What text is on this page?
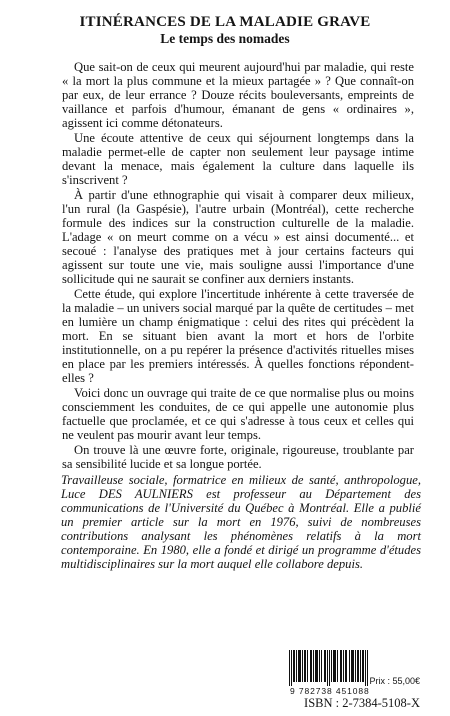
ITINÉRANCES DE LA MALADIE GRAVE
Le temps des nomades

Que sait-on de ceux qui meurent aujourd'hui par maladie, qui reste « la mort la plus commune et la mieux partagée » ? Que connaît-on par eux, de leur errance ? Douze récits bouleversants, empreints de vaillance et parfois d'humour, émanant de gens « ordinaires », agissent ici comme détonateurs.

Une écoute attentive de ceux qui séjournent longtemps dans la maladie permet-elle de capter non seulement leur paysage intime devant la menace, mais également la culture dans laquelle ils s'inscrivent ?

À partir d'une ethnographie qui visait à comparer deux milieux, l'un rural (la Gaspésie), l'autre urbain (Montréal), cette recherche formule des indices sur la construction culturelle de la maladie. L'adage « on meurt comme on a vécu » est ainsi documenté... et secoué : l'analyse des pratiques met à jour certains facteurs qui agissent sur toute une vie, mais souligne aussi l'importance d'une sollicitude qui ne saurait se confiner aux derniers instants.

Cette étude, qui explore l'incertitude inhérente à cette traversée de la maladie – un univers social marqué par la quête de certitudes – met en lumière un champ énigmatique : celui des rites qui précèdent la mort. En se situant bien avant la mort et hors de l'orbite institutionnelle, on a pu repérer la présence d'activités rituelles mises en place par les premiers intéressés. À quelles fonctions répondent-elles ?

Voici donc un ouvrage qui traite de ce que normalise plus ou moins consciemment les conduites, de ce qui appelle une autonomie plus factuelle que proclamée, et ce qui s'adresse à tous ceux et celles qui ne veulent pas mourir avant leur temps.

On trouve là une œuvre forte, originale, rigoureuse, troublante par sa sensibilité lucide et sa longue portée.

Travailleuse sociale, formatrice en milieux de santé, anthropologue, Luce DES AULNIERS est professeur au Département des communications de l'Université du Québec à Montréal. Elle a publié un premier article sur la mort en 1976, suivi de nombreuses contributions analysant les phénomènes relatifs à la mort contemporaine. En 1980, elle a fondé et dirigé un programme d'études multidisciplinaires sur la mort auquel elle collabore depuis.

9 782738 451088
Prix : 55,00€
ISBN : 2-7384-5108-X
